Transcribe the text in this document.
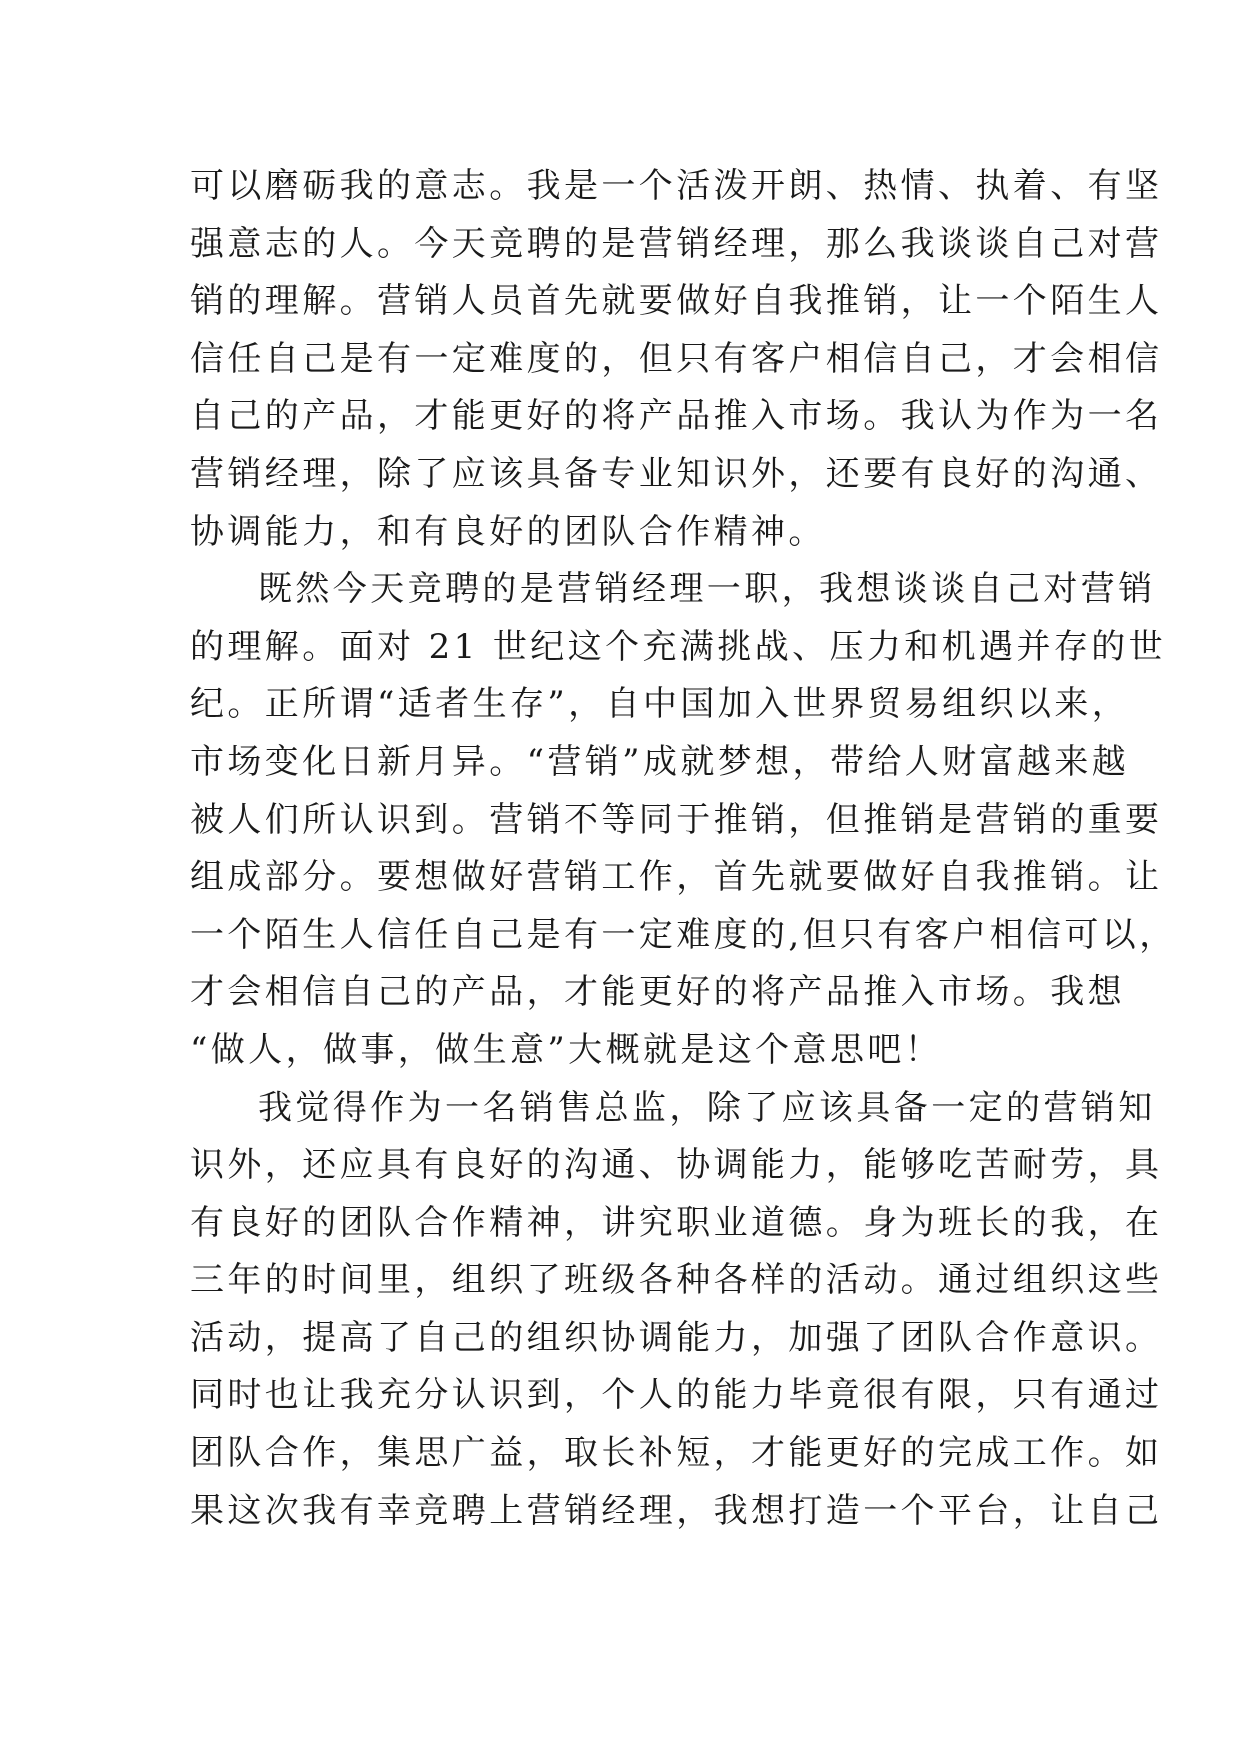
可以磨砺我的意志。我是一个活泼开朗、热情、执着、有坚
强意志的人。今天竞聘的是营销经理，那么我谈谈自己对营
销的理解。营销人员首先就要做好自我推销，让一个陌生人
信任自己是有一定难度的，但只有客户相信自己，才会相信
自己的产品，才能更好的将产品推入市场。我认为作为一名
营销经理，除了应该具备专业知识外，还要有良好的沟通、
协调能力，和有良好的团队合作精神。
既然今天竞聘的是营销经理一职，我想谈谈自己对营销
的理解。面对 21 世纪这个充满挑战、压力和机遇并存的世
纪。正所谓“适者生存”，自中国加入世界贸易组织以来，
市场变化日新月异。“营销”成就梦想，带给人财富越来越
被人们所认识到。营销不等同于推销，但推销是营销的重要
组成部分。要想做好营销工作，首先就要做好自我推销。让
一个陌生人信任自己是有一定难度的,但只有客户相信可以，
才会相信自己的产品，才能更好的将产品推入市场。我想
“做人，做事，做生意”大概就是这个意思吧！
我觉得作为一名销售总监，除了应该具备一定的营销知
识外，还应具有良好的沟通、协调能力，能够吃苦耐劳，具
有良好的团队合作精神，讲究职业道德。身为班长的我，在
三年的时间里，组织了班级各种各样的活动。通过组织这些
活动，提高了自己的组织协调能力，加强了团队合作意识。
同时也让我充分认识到，个人的能力毕竟很有限，只有通过
团队合作，集思广益，取长补短，才能更好的完成工作。如
果这次我有幸竞聘上营销经理，我想打造一个平台，让自己
